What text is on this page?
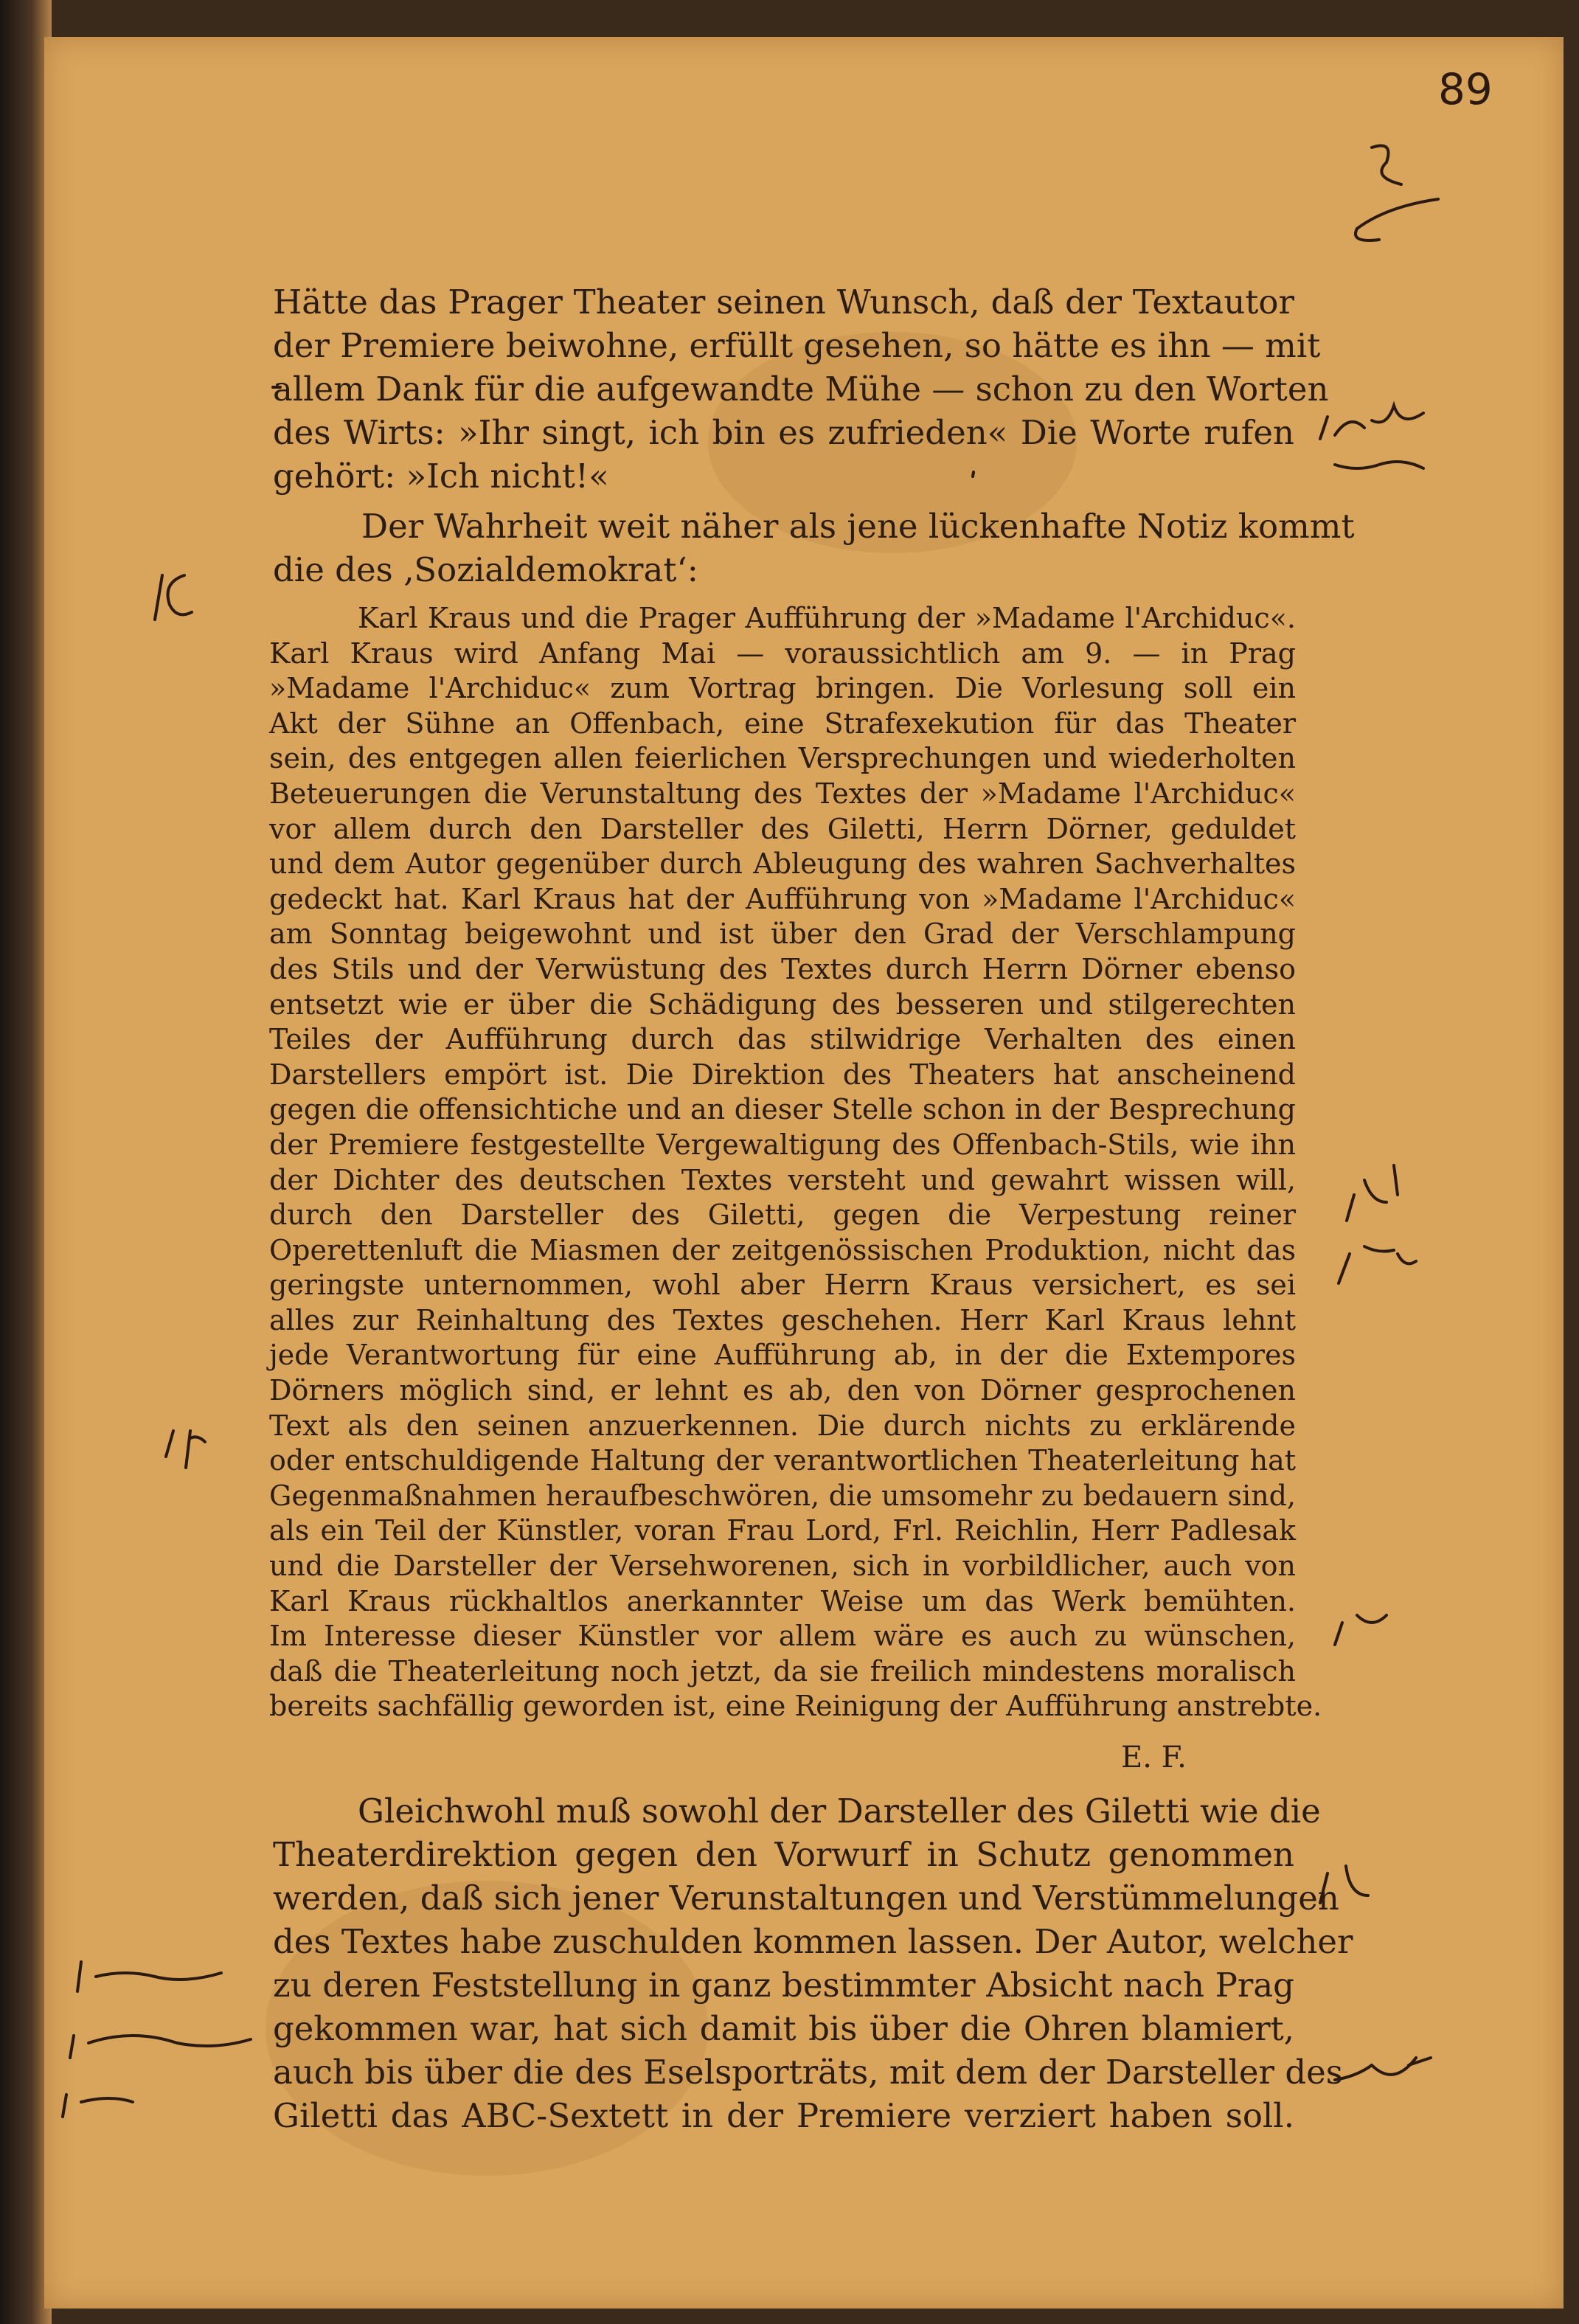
89
Hätte das Prager Theater seinen Wunsch, daß der Textautor
der Premiere beiwohne, erfüllt gesehen, so hätte es ihn — mit
allem Dank für die aufgewandte Mühe — schon zu den Worten
des Wirts: »Ihr singt, ich bin es zufrieden« Die Worte rufen
gehört: »Ich nicht!«
Der Wahrheit weit näher als jene lückenhafte Notiz kommt
die des ‚Sozialdemokrat‘:
Karl Kraus und die Prager Aufführung der »Madame l'Archiduc«.
Karl Kraus wird Anfang Mai — voraussichtlich am 9. — in Prag
»Madame l'Archiduc« zum Vortrag bringen. Die Vorlesung soll ein
Akt der Sühne an Offenbach, eine Strafexekution für das Theater
sein, des entgegen allen feierlichen Versprechungen und wiederholten
Beteuerungen die Verunstaltung des Textes der »Madame l'Archiduc«
vor allem durch den Darsteller des Giletti, Herrn Dörner, geduldet
und dem Autor gegenüber durch Ableugung des wahren Sachverhaltes
gedeckt hat. Karl Kraus hat der Aufführung von »Madame l'Archiduc«
am Sonntag beigewohnt und ist über den Grad der Verschlampung
des Stils und der Verwüstung des Textes durch Herrn Dörner ebenso
entsetzt wie er über die Schädigung des besseren und stilgerechten
Teiles der Aufführung durch das stilwidrige Verhalten des einen
Darstellers empört ist. Die Direktion des Theaters hat anscheinend
gegen die offensichtiche und an dieser Stelle schon in der Besprechung
der Premiere festgestellte Vergewaltigung des Offenbach-Stils, wie ihn
der Dichter des deutschen Textes versteht und gewahrt wissen will,
durch den Darsteller des Giletti, gegen die Verpestung reiner
Operettenluft die Miasmen der zeitgenössischen Produktion, nicht das
geringste unternommen, wohl aber Herrn Kraus versichert, es sei
alles zur Reinhaltung des Textes geschehen. Herr Karl Kraus lehnt
jede Verantwortung für eine Aufführung ab, in der die Extempores
Dörners möglich sind, er lehnt es ab, den von Dörner gesprochenen
Text als den seinen anzuerkennen. Die durch nichts zu erklärende
oder entschuldigende Haltung der verantwortlichen Theaterleitung hat
Gegenmaßnahmen heraufbeschwören, die umsomehr zu bedauern sind,
als ein Teil der Künstler, voran Frau Lord, Frl. Reichlin, Herr Padlesak
und die Darsteller der Versehworenen, sich in vorbildlicher, auch von
Karl Kraus rückhaltlos anerkannter Weise um das Werk bemühten.
Im Interesse dieser Künstler vor allem wäre es auch zu wünschen,
daß die Theaterleitung noch jetzt, da sie freilich mindestens moralisch
bereits sachfällig geworden ist, eine Reinigung der Aufführung anstrebte.
E. F.
Gleichwohl muß sowohl der Darsteller des Giletti wie die
Theaterdirektion gegen den Vorwurf in Schutz genommen
werden, daß sich jener Verunstaltungen und Verstümmelungen
des Textes habe zuschulden kommen lassen. Der Autor, welcher
zu deren Feststellung in ganz bestimmter Absicht nach Prag
gekommen war, hat sich damit bis über die Ohren blamiert,
auch bis über die des Eselsporträts, mit dem der Darsteller des
Giletti das ABC-Sextett in der Premiere verziert haben soll.
